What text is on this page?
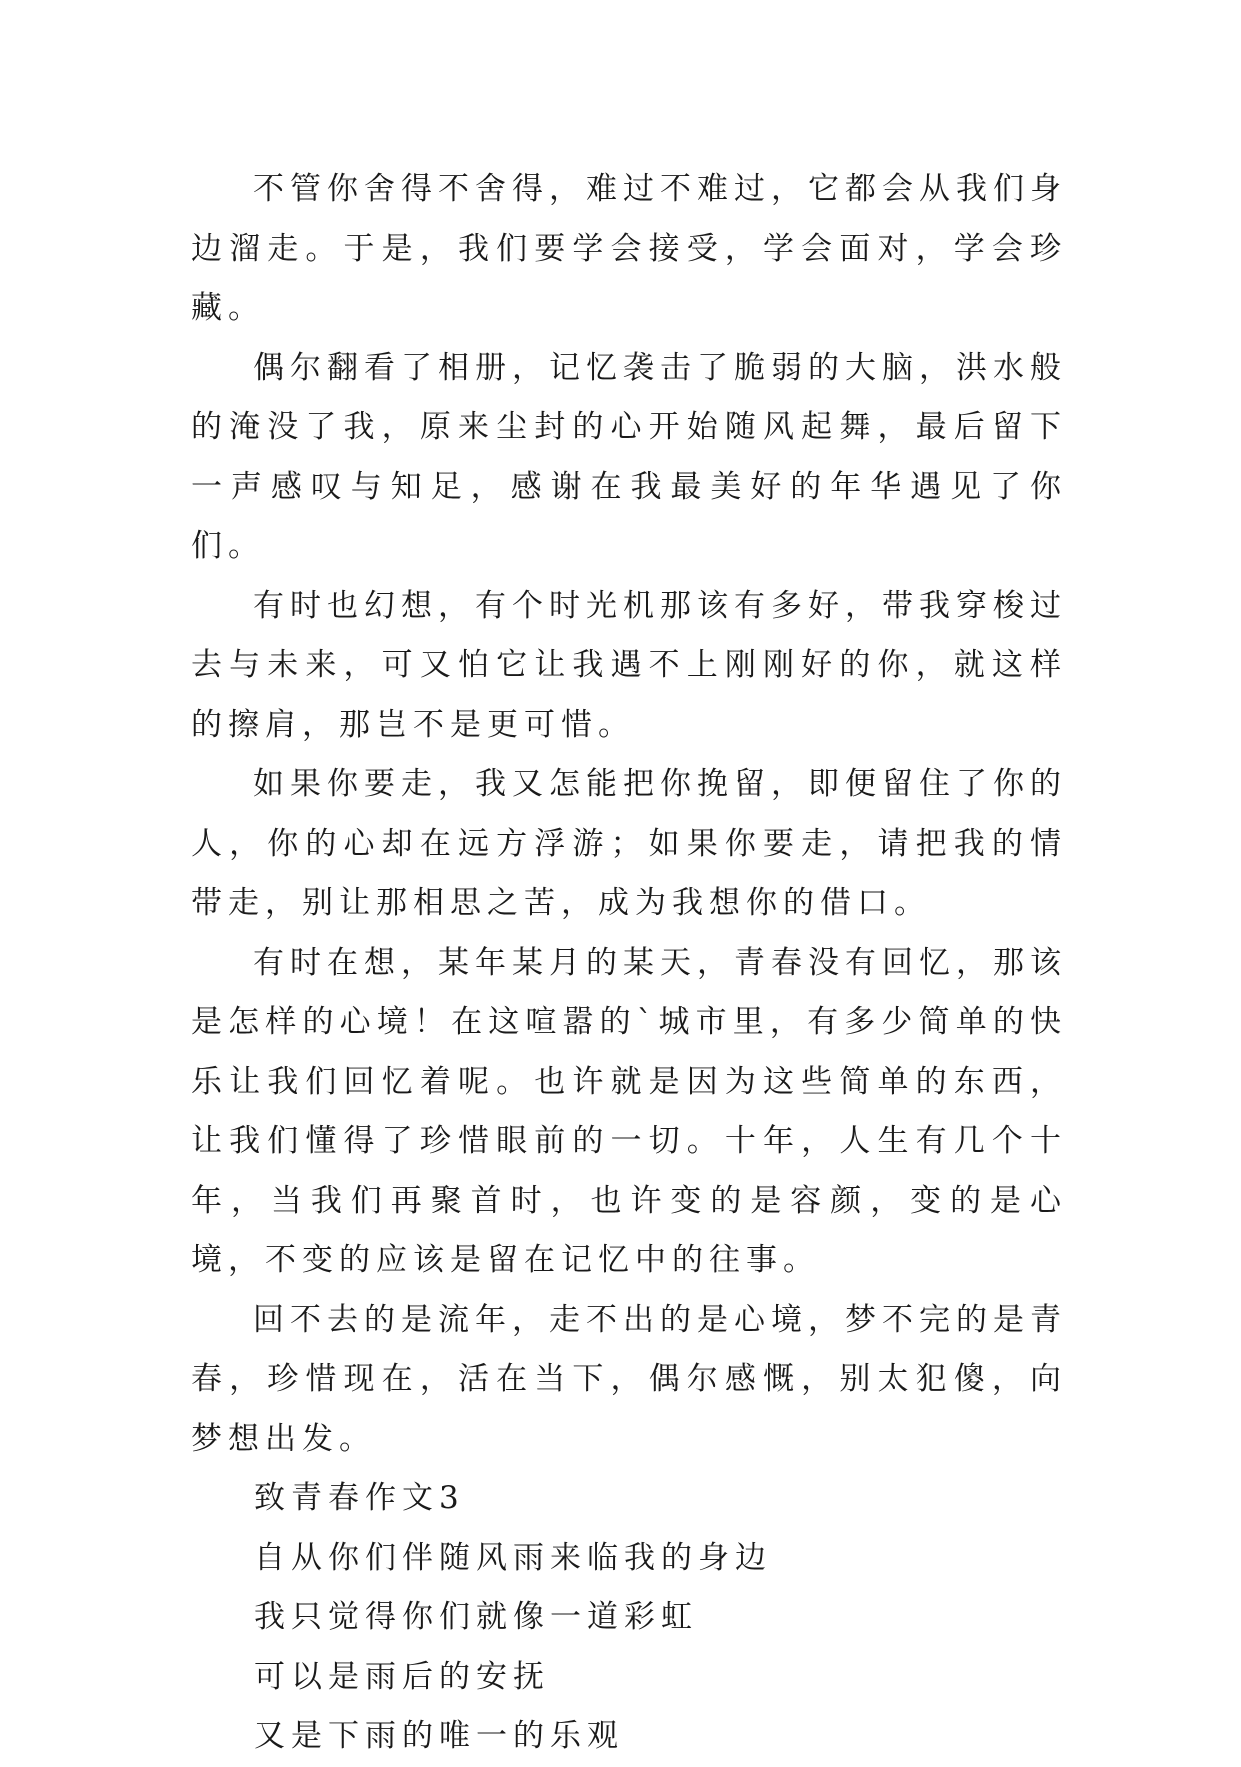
不管你舍得不舍得，难过不难过，它都会从我们身边溜走。于是，我们要学会接受，学会面对，学会珍藏。

偶尔翻看了相册，记忆袭击了脆弱的大脑，洪水般的淹没了我，原来尘封的心开始随风起舞，最后留下一声感叹与知足，感谢在我最美好的年华遇见了你们。

有时也幻想，有个时光机那该有多好，带我穿梭过去与未来，可又怕它让我遇不上刚刚好的你，就这样的擦肩，那岂不是更可惜。

如果你要走，我又怎能把你挽留，即便留住了你的人，你的心却在远方浮游；如果你要走，请把我的情带走，别让那相思之苦，成为我想你的借口。

有时在想，某年某月的某天，青春没有回忆，那该是怎样的心境！在这喧嚣的`城市里，有多少简单的快乐让我们回忆着呢。也许就是因为这些简单的东西，让我们懂得了珍惜眼前的一切。十年，人生有几个十年，当我们再聚首时，也许变的是容颜，变的是心境，不变的应该是留在记忆中的往事。

回不去的是流年，走不出的是心境，梦不完的是青春，珍惜现在，活在当下，偶尔感慨，别太犯傻，向梦想出发。

致青春作文3

自从你们伴随风雨来临我的身边

我只觉得你们就像一道彩虹

可以是雨后的安抚

又是下雨的唯一的乐观
